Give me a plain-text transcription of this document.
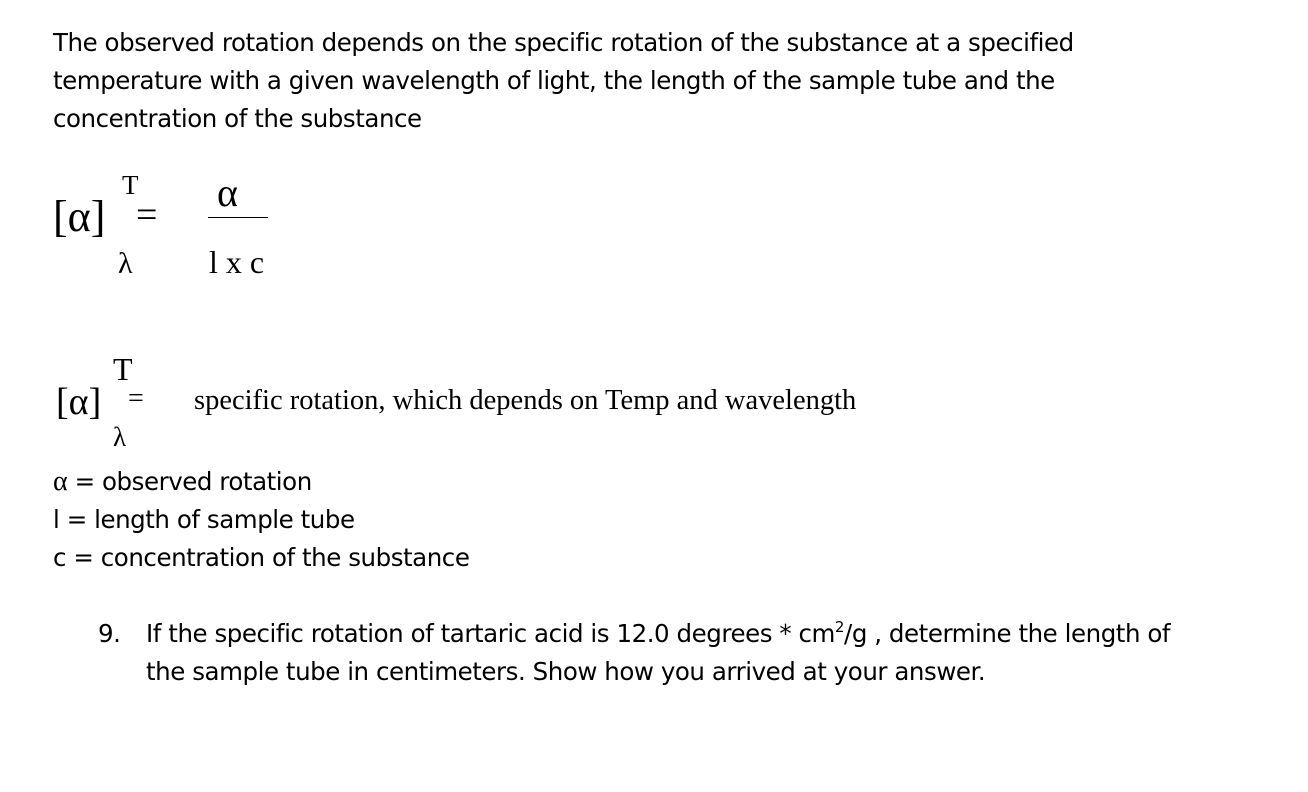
The observed rotation depends on the specific rotation of the substance at a specified
temperature with a given wavelength of light, the length of the sample tube and the
concentration of the substance
[α]
T
=
λ
α
l x c
[α]
T
=
λ
specific rotation, which depends on Temp and wavelength
α = observed rotation
l = length of sample tube
c = concentration of the substance
9. If the specific rotation of tartaric acid is 12.0 degrees * $cm^2/g$ , determine the length of
the sample tube in centimeters. Show how you arrived at your answer.
